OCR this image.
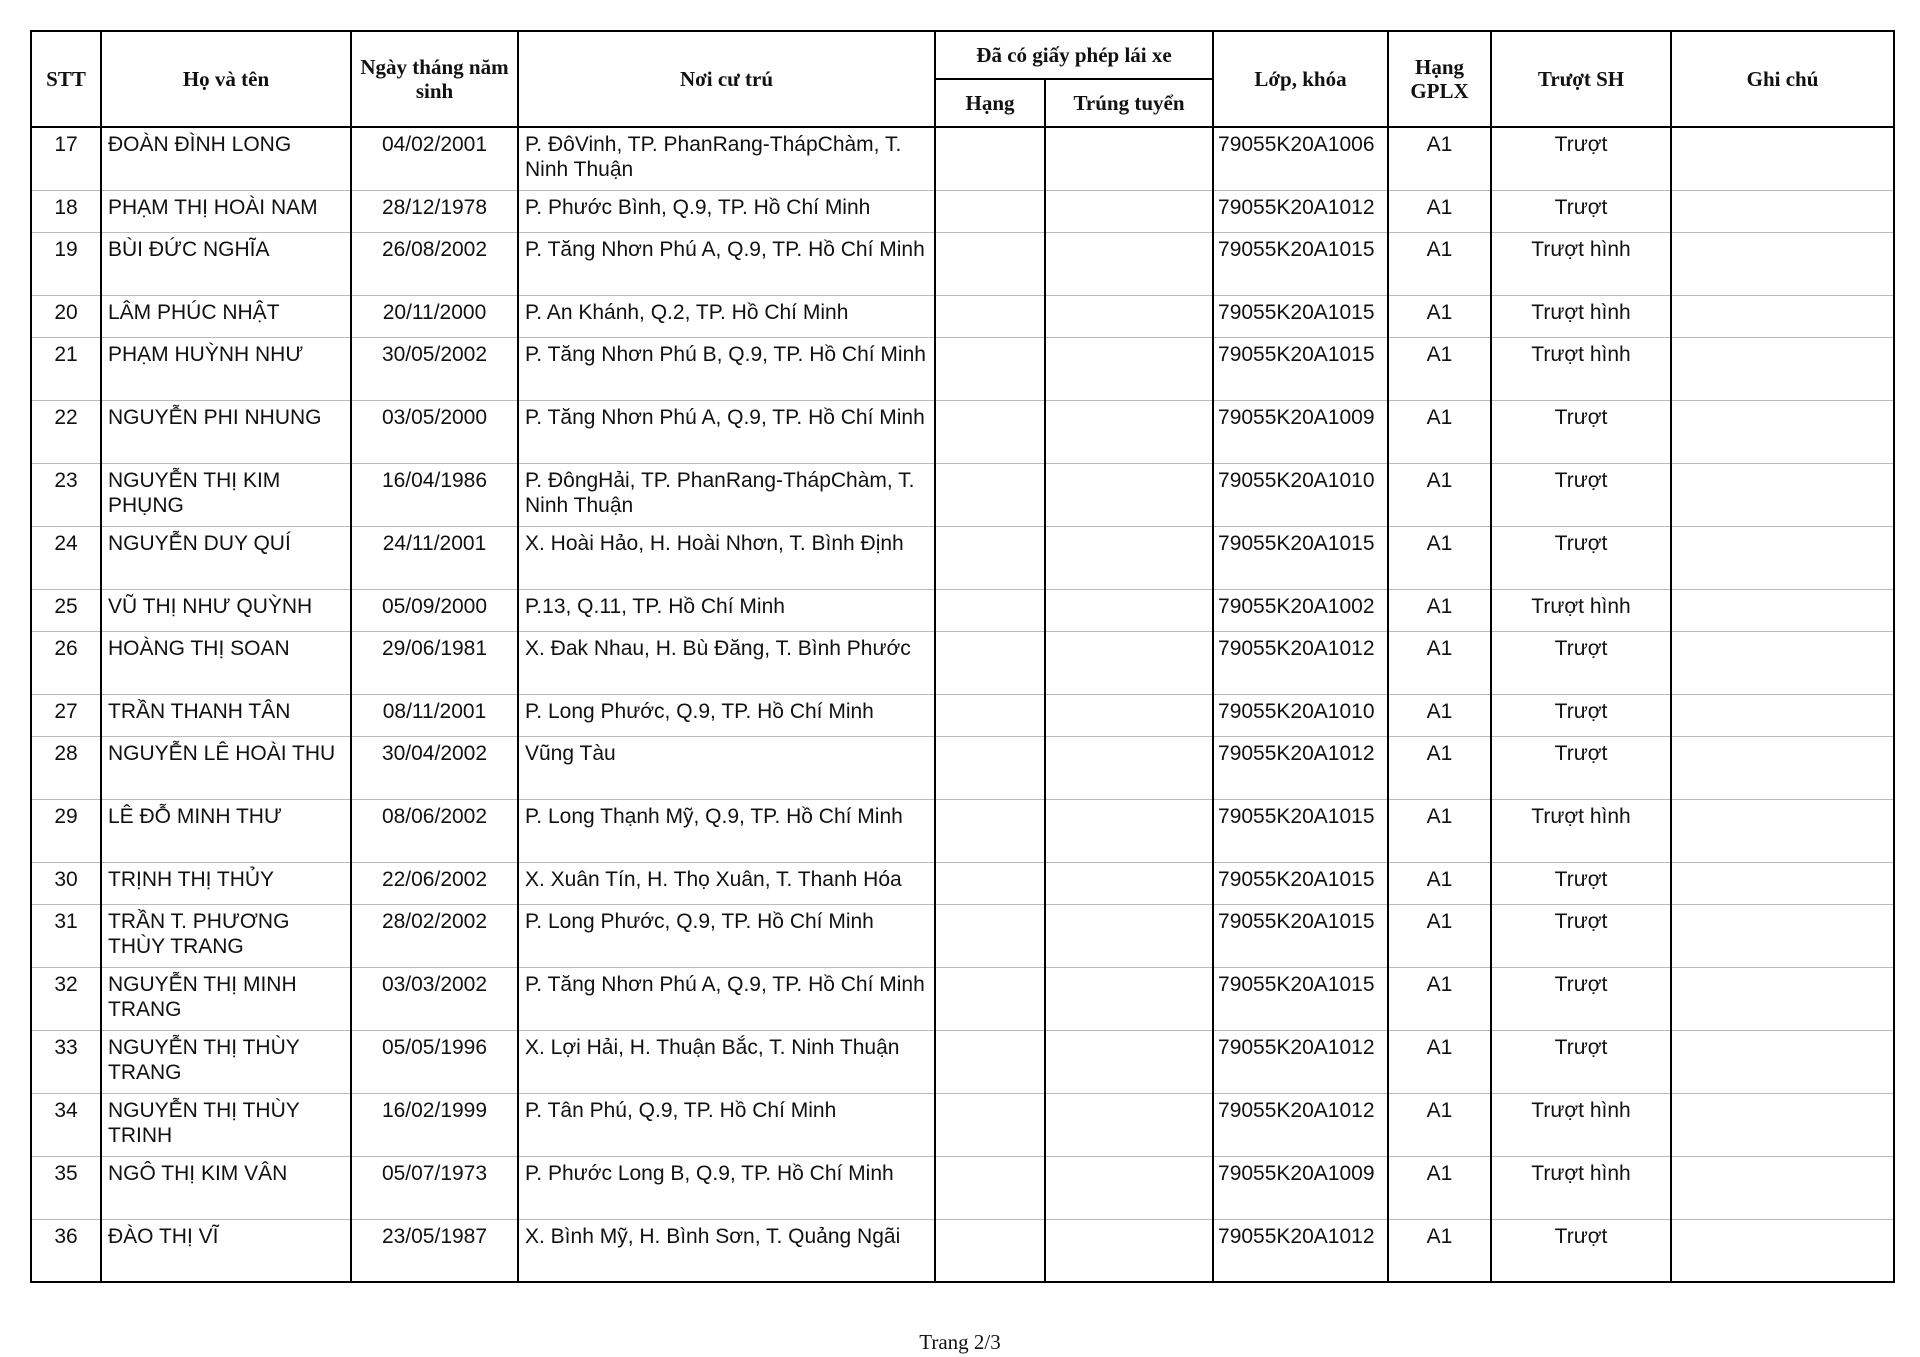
STT	Họ và tên	Ngày tháng năm sinh	Nơi cư trú	Đã có giấy phép lái xe		Lớp, khóa	Hạng GPLX	Trượt SH	Ghi chú
				Hạng	Trúng tuyển				
17	ĐOÀN ĐÌNH LONG	04/02/2001	P. ĐôVinh, TP. PhanRang-ThápChàm, T. Ninh Thuận			79055K20A1006	A1	Trượt	
18	PHẠM THỊ HOÀI NAM	28/12/1978	P. Phước Bình, Q.9, TP. Hồ Chí Minh			79055K20A1012	A1	Trượt	
19	BÙI ĐỨC NGHĨA	26/08/2002	P. Tăng Nhơn Phú A, Q.9, TP. Hồ Chí Minh			79055K20A1015	A1	Trượt hình	
20	LÂM PHÚC NHẬT	20/11/2000	P. An Khánh, Q.2, TP. Hồ Chí Minh			79055K20A1015	A1	Trượt hình	
21	PHẠM HUỲNH NHƯ	30/05/2002	P. Tăng Nhơn Phú B, Q.9, TP. Hồ Chí Minh			79055K20A1015	A1	Trượt hình	
22	NGUYỄN PHI NHUNG	03/05/2000	P. Tăng Nhơn Phú A, Q.9, TP. Hồ Chí Minh			79055K20A1009	A1	Trượt	
23	NGUYỄN THỊ KIM PHỤNG	16/04/1986	P. ĐôngHải, TP. PhanRang-ThápChàm, T. Ninh Thuận			79055K20A1010	A1	Trượt	
24	NGUYỄN DUY QUÍ	24/11/2001	X. Hoài Hảo, H. Hoài Nhơn, T. Bình Định			79055K20A1015	A1	Trượt	
25	VŨ THỊ NHƯ QUỲNH	05/09/2000	P.13, Q.11, TP. Hồ Chí Minh			79055K20A1002	A1	Trượt hình	
26	HOÀNG THỊ SOAN	29/06/1981	X. Đak Nhau, H. Bù Đăng, T. Bình Phước			79055K20A1012	A1	Trượt	
27	TRẦN THANH TÂN	08/11/2001	P. Long Phước, Q.9, TP. Hồ Chí Minh			79055K20A1010	A1	Trượt	
28	NGUYỄN LÊ HOÀI THU	30/04/2002	Vũng Tàu			79055K20A1012	A1	Trượt	
29	LÊ ĐỖ MINH THƯ	08/06/2002	P. Long Thạnh Mỹ, Q.9, TP. Hồ Chí Minh			79055K20A1015	A1	Trượt hình	
30	TRỊNH THỊ THỦY	22/06/2002	X. Xuân Tín, H. Thọ Xuân, T. Thanh Hóa			79055K20A1015	A1	Trượt	
31	TRẦN T. PHƯƠNG THÙY TRANG	28/02/2002	P. Long Phước, Q.9, TP. Hồ Chí Minh			79055K20A1015	A1	Trượt	
32	NGUYỄN THỊ MINH TRANG	03/03/2002	P. Tăng Nhơn Phú A, Q.9, TP. Hồ Chí Minh			79055K20A1015	A1	Trượt	
33	NGUYỄN THỊ THÙY TRANG	05/05/1996	X. Lợi Hải, H. Thuận Bắc, T. Ninh Thuận			79055K20A1012	A1	Trượt	
34	NGUYỄN THỊ THÙY TRINH	16/02/1999	P. Tân Phú, Q.9, TP. Hồ Chí Minh			79055K20A1012	A1	Trượt hình	
35	NGÔ THỊ KIM VÂN	05/07/1973	P. Phước Long B, Q.9, TP. Hồ Chí Minh			79055K20A1009	A1	Trượt hình	
36	ĐÀO THỊ VĨ	23/05/1987	X. Bình Mỹ, H. Bình Sơn, T. Quảng Ngãi			79055K20A1012	A1	Trượt	
Trang 2/3
